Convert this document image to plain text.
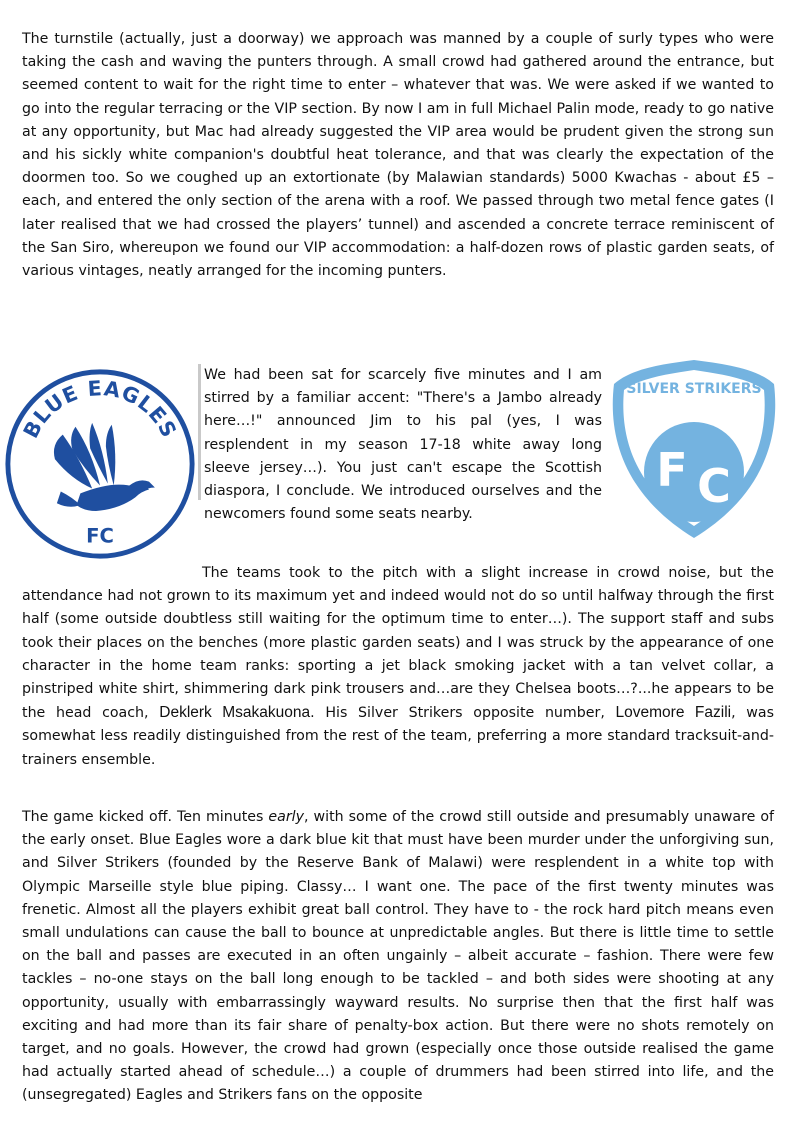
The turnstile (actually, just a doorway) we approach was manned by a couple of surly types who were taking the cash and waving the punters through. A small crowd had gathered around the entrance, but seemed content to wait for the right time to enter – whatever that was. We were asked if we wanted to go into the regular terracing or the VIP section. By now I am in full Michael Palin mode, ready to go native at any opportunity, but Mac had already suggested the VIP area would be prudent given the strong sun and his sickly white companion's doubtful heat tolerance, and that was clearly the expectation of the doormen too. So we coughed up an extortionate (by Malawian standards) 5000 Kwachas - about £5 – each, and entered the only section of the arena with a roof. We passed through two metal fence gates (I later realised that we had crossed the players’ tunnel) and ascended a concrete terrace reminiscent of the San Siro, whereupon we found our VIP accommodation: a half-dozen rows of plastic garden seats, of various vintages, neatly arranged for the incoming punters.

We had been sat for scarcely five minutes and I am stirred by a familiar accent: "There's a Jambo already here…!" announced Jim to his pal (yes, I was resplendent in my season 17-18 white away long sleeve jersey…). You just can't escape the Scottish diaspora, I conclude. We introduced ourselves and the newcomers found some seats nearby.

BLUE EAGLES
FC
SILVER STRIKERS
F C

The teams took to the pitch with a slight increase in crowd noise, but the attendance had not grown to its maximum yet and indeed would not do so until halfway through the first half (some outside doubtless still waiting for the optimum time to enter…). The support staff and subs took their places on the benches (more plastic garden seats) and I was struck by the appearance of one character in the home team ranks: sporting a jet black smoking jacket with a tan velvet collar, a pinstriped white shirt, shimmering dark pink trousers and…are they Chelsea boots…?...he appears to be the head coach, Deklerk Msakakuona. His Silver Strikers opposite number, Lovemore Fazili, was somewhat less readily distinguished from the rest of the team, preferring a more standard tracksuit-and-trainers ensemble.

The game kicked off. Ten minutes early, with some of the crowd still outside and presumably unaware of the early onset. Blue Eagles wore a dark blue kit that must have been murder under the unforgiving sun, and Silver Strikers (founded by the Reserve Bank of Malawi) were resplendent in a white top with Olympic Marseille style blue piping. Classy… I want one. The pace of the first twenty minutes was frenetic. Almost all the players exhibit great ball control. They have to - the rock hard pitch means even small undulations can cause the ball to bounce at unpredictable angles. But there is little time to settle on the ball and passes are executed in an often ungainly – albeit accurate – fashion. There were few tackles – no-one stays on the ball long enough to be tackled – and both sides were shooting at any opportunity, usually with embarrassingly wayward results. No surprise then that the first half was exciting and had more than its fair share of penalty-box action. But there were no shots remotely on target, and no goals. However, the crowd had grown (especially once those outside realised the game had actually started ahead of schedule…) a couple of drummers had been stirred into life, and the (unsegregated) Eagles and Strikers fans on the opposite
